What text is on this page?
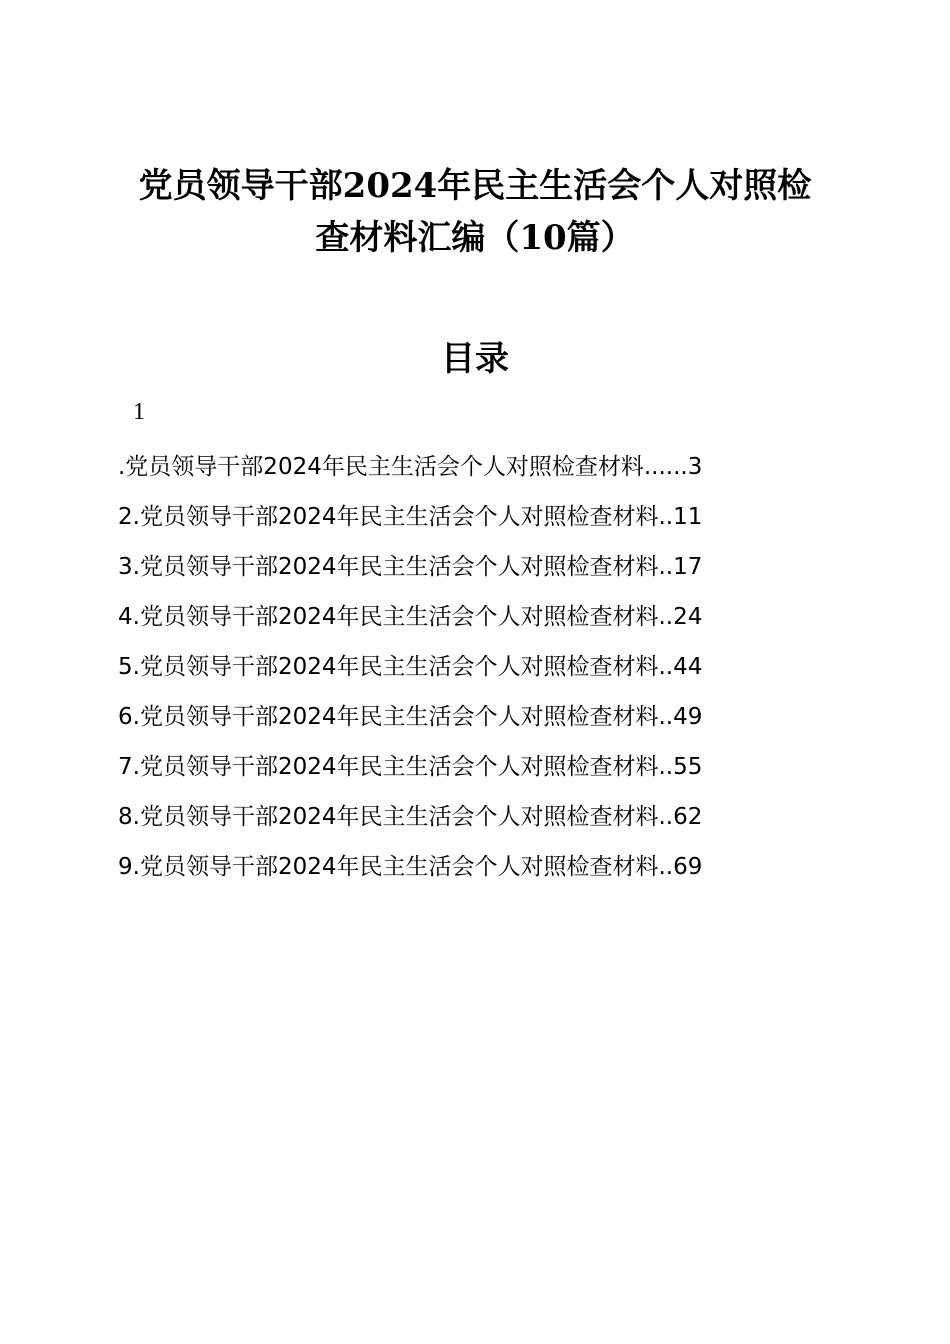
党员领导干部2024年民主生活会个人对照检
查材料汇编（10篇）
目录
1
.党员领导干部2024年民主生活会个人对照检查材料......3
2.党员领导干部2024年民主生活会个人对照检查材料..11
3.党员领导干部2024年民主生活会个人对照检查材料..17
4.党员领导干部2024年民主生活会个人对照检查材料..24
5.党员领导干部2024年民主生活会个人对照检查材料..44
6.党员领导干部2024年民主生活会个人对照检查材料..49
7.党员领导干部2024年民主生活会个人对照检查材料..55
8.党员领导干部2024年民主生活会个人对照检查材料..62
9.党员领导干部2024年民主生活会个人对照检查材料..69
